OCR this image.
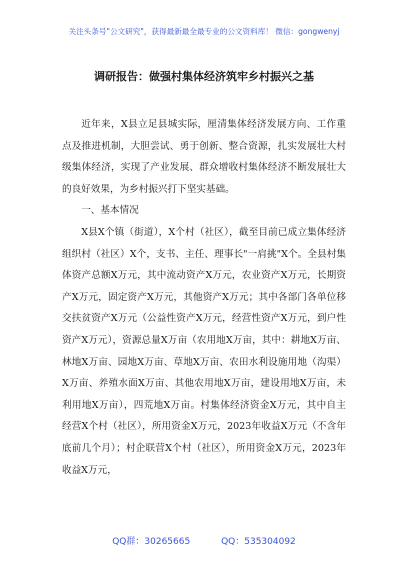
关注头条号"公文研究"，获得最新最全最专业的公文资料库！ 微信：gongwenyj
调研报告：做强村集体经济筑牢乡村振兴之基

近年来，X县立足县城实际，厘清集体经济发展方向、工作重点及推进机制，大胆尝试、勇于创新、整合资源，扎实发展壮大村级集体经济，实现了产业发展、群众增收村集体经济不断发展壮大的良好效果，为乡村振兴打下坚实基础。

一、基本情况

X县X个镇（街道），X个村（社区），截至目前已成立集体经济组织村（社区）X个，支书、主任、理事长"一肩挑"X个。全县村集体资产总额X万元，其中流动资产X万元，农业资产X万元，长期资产X万元，固定资产X万元，其他资产X万元；其中各部门各单位移交扶贫资产X万元（公益性资产X万元，经营性资产X万元，到户性资产X万元），资源总量X万亩（农用地X万亩，其中：耕地X万亩、林地X万亩、园地X万亩、草地X万亩、农田水利设施用地（沟渠）X万亩、养殖水面X万亩、其他农用地X万亩，建设用地X万亩，未利用地X万亩），四荒地X万亩。村集体经济资金X万元，其中自主经营X个村（社区），所用资金X万元，2023年收益X万元（不含年底前几个月）；村企联营X个村（社区），所用资金X万元，2023年收益X万元，

QQ群：30265665	QQ：535304092
